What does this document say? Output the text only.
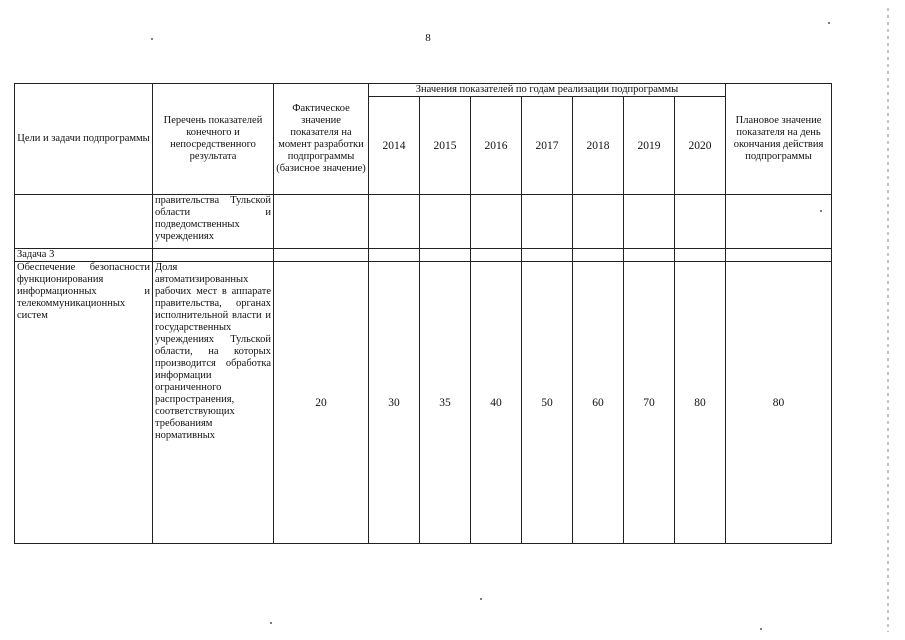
8
Цели и задачи подпрограммы	Перечень показателей конечного и непосредственного результата	Фактическое значение показателя на момент разработки подпрограммы (базисное значение)	Значения показателей по годам реализации подпрограммы							Плановое значение показателя на день окончания действия подпрограммы
			2014	2015	2016	2017	2018	2019	2020	
	правительства Тульской области и подведомственных учреждениях									
Задача 3										
Обеспечение безопасности функционирования информационных и телекоммуникационных систем	Доля автоматизированных рабочих мест в аппарате правительства, органах исполнительной власти и государственных учреждениях Тульской области, на которых производится обработка информации ограниченного распространения, соответствующих требованиям нормативных	20	30	35	40	50	60	70	80	80
